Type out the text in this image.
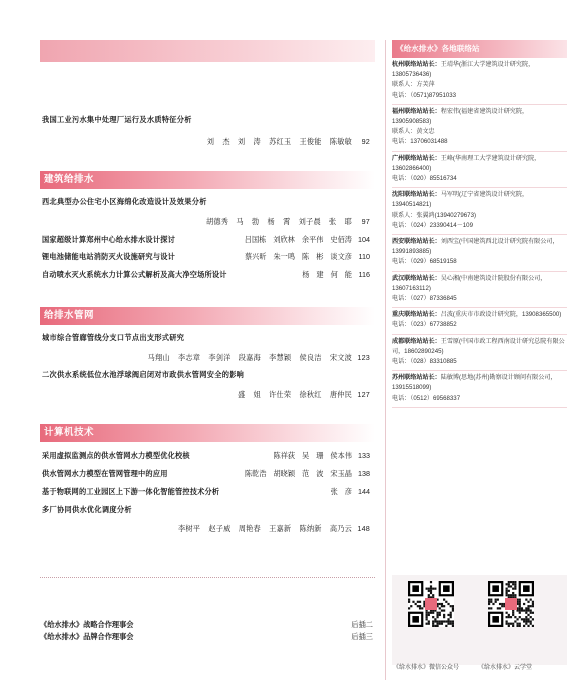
我国工业污水集中处理厂运行及水质特征分析
刘 杰 刘 涛 苏红玉 王俊能 陈敏敏	92
建筑给排水
西北典型办公住宅小区海绵化改造设计及效果分析
胡德秀 马 勃 杨 霄 刘子晨 张 耶	97
国家超级计算郑州中心给水排水设计探讨	吕国栋 刘欣林 余平伟 史佰涛 104
锂电池储能电站消防灭火设施研究与设计	蔡兴昕 朱一鸣 陈 彬 谈文彦 110
自动喷水灭火系统水力计算公式解析及高大净空场所设计	杨 建 何 能 116
给排水管网
城市综合管廊管线分支口节点出支形式研究
马翔山 李志章 李剑洋 段嘉海 李慧颖 侯良洁 宋文波 123
二次供水系统低位水池浮球阀启闭对市政供水管网安全的影响
盛 姐 许仕荣 徐秋红 唐仲民 127
计算机技术
采用虚拟监测点的供水管网水力模型优化校核	陈祥荻 吴 珊 侯本伟 133
供水管网水力模型在管网管理中的应用	陈乾浩 胡晓颖 范 波 宋玉晶 138
基于物联网的工业园区上下游一体化智能管控技术分析	张 彦 144
多厂协同供水优化调度分析
李树平 赵子威 周艳春 王嘉新 陈纳新 高乃云 148
《给水排水》战略合作理事会	后插二
《给水排水》品牌合作理事会	后插三
《给水排水》各地联络站
杭州联络站站长：王靖华(浙江大学建筑设计研究院，13805736436)
联系人：方芙萍
电话：（0571)87951033
福州联络站站长：程宏伟(福建省建筑设计研究院，13905908583)
联系人：黄文忠
电话：13706031488
广州联络站站长：王峰(华南理工大学建筑设计研究院，13602866400)
电话：（020）85516734
沈阳联络站站长：马军明(辽宁省建筑设计研究院，13940514821)
联系人：张翼鸿(13940279673)
电话：（024）23390414－109
西安联络站站长：刘西宝(中国建筑西北设计研究院有限公司，13991893885)
电话：（029）68519158
武汉联络站站长：吴心湘(中南建筑设计院股份有限公司，13607163112)
电话：（027）87336845
重庆联络站站长：吕波(重庆市市政设计研究院，13908365500)
电话：（023）67738852
成都联络站站长：王雪原(中国市政工程西南设计研究总院有限公司，18602890245)
电话：（028）83310885
苏州联络站站长：陆敏博(思地(苏州)勘察设计顾问有限公司，13915518099)
电话：（0512）69568337
《给水排水》微信公众号	《给水排水》云学堂
